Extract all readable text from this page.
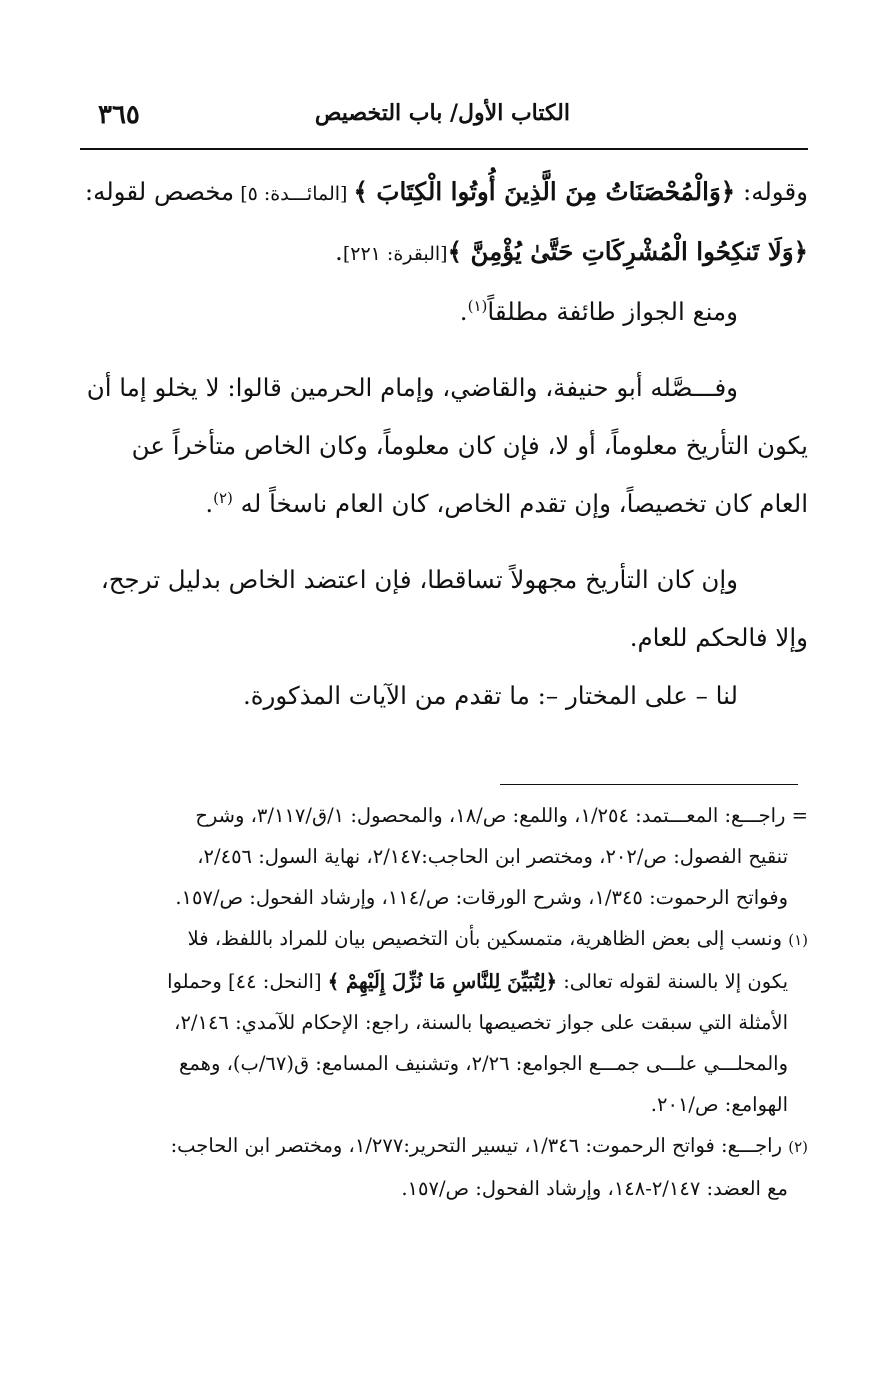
٣٦٥	الكتاب الأول/ باب التخصيص
وقوله: ﴿وَالْمُحْصَنَاتُ مِنَ الَّذِينَ أُوتُوا الْكِتَابَ ﴾ [المائـــدة: ٥] مخصص لقوله:
﴿وَلَا تَنكِحُوا الْمُشْرِكَاتِ حَتَّىٰ يُؤْمِنَّ ﴾[البقرة: ٢٢١].
ومنع الجواز طائفة مطلقاً$^{(١)}$.
وفـــصَّله أبو حنيفة، والقاضي، وإمام الحرمين قالوا: لا يخلو إما أن
يكون التأريخ معلوماً، أو لا، فإن كان معلوماً، وكان الخاص متأخراً عن
العام كان تخصيصاً، وإن تقدم الخاص، كان العام ناسخاً له $^{(٢)}$.
وإن كان التأريخ مجهولاً تساقطا، فإن اعتضد الخاص بدليل ترجح،
وإلا فالحكم للعام.
لنا – على المختار –: ما تقدم من الآيات المذكورة.
= راجـــع: المعـــتمد: ١/٢٥٤، واللمع: ص/١٨، والمحصول: ١/ق/٣/١١٧، وشرح
تنقيح الفصول: ص/٢٠٢، ومختصر ابن الحاجب:٢/١٤٧، نهاية السول: ٢/٤٥٦،
وفواتح الرحموت: ١/٣٤٥، وشرح الورقات: ص/١١٤، وإرشاد الفحول: ص/١٥٧.
(١) ونسب إلى بعض الظاهرية، متمسكين بأن التخصيص بيان للمراد باللفظ، فلا
يكون إلا بالسنة لقوله تعالى: ﴿لِتُبَيِّنَ لِلنَّاسِ مَا نُزِّلَ إِلَيْهِمْ ﴾ [النحل: ٤٤] وحملوا
الأمثلة التي سبقت على جواز تخصيصها بالسنة، راجع: الإحكام للآمدي: ٢/١٤٦،
والمحلـــي علـــى جمـــع الجوامع: ٢/٢٦، وتشنيف المسامع: ق(٦٧/ب)، وهمع
الهوامع: ص/٢٠١.
(٢) راجـــع: فواتح الرحموت: ١/٣٤٦، تيسير التحرير:١/٢٧٧، ومختصر ابن الحاجب:
مع العضد: ٢/١٤٧-١٤٨، وإرشاد الفحول: ص/١٥٧.
